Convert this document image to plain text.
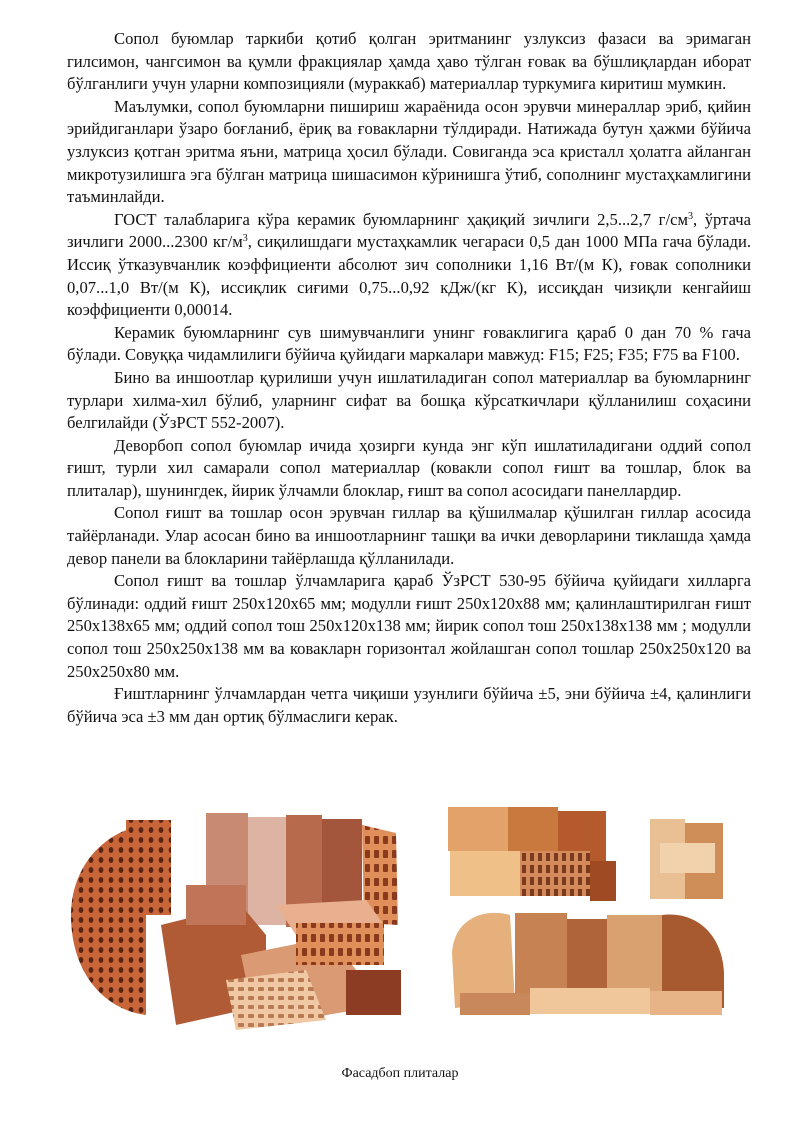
Сопол буюмлар таркиби қотиб қолган эритманинг узлуксиз фазаси ва эримаган гилсимон, чангсимон ва қумли фракциялар ҳамда ҳаво тўлган ғовак ва бўшлиқлардан иборат бўлганлиги учун уларни композицияли (мураккаб) материаллар туркумига киритиш мумкин.

Маълумки, сопол буюмларни пишириш жараёнида осон эрувчи минераллар эриб, қийин эрийдиганлари ўзаро боғланиб, ёриқ ва ғовакларни тўлдиради. Натижада бутун ҳажми бўйича узлуксиз қотган эритма яъни, матрица ҳосил бўлади. Совиганда эса кристалл ҳолатга айланган микротузилишга эга бўлган матрица шишасимон кўринишга ўтиб, сополнинг мустаҳкамлигини таъминлайди.

ГОСТ талабларига кўра керамик буюмларнинг ҳақиқий зичлиги 2,5...2,7 $г/см^3$, ўртача зичлиги 2000...2300 $кг/м^3$, сиқилишдаги мустаҳкамлик чегараси 0,5 дан 1000 МПа гача бўлади. Иссиқ ўтказувчанлик коэффициенти абсолют зич сополники 1,16 Вт/(м К), ғовак сополники 0,07...1,0 Вт/(м К), иссиқлик сиғими 0,75...0,92 кДж/(кг К), иссиқдан чизиқли кенгайиш коэффициенти 0,00014.

Керамик буюмларнинг сув шимувчанлиги унинг ғоваклигига қараб 0 дан 70 % гача бўлади. Совуққа чидамлилиги бўйича қуйидаги маркалари мавжуд: F15; F25; F35; F75 ва F100.

Бино ва иншоотлар қурилиши учун ишлатиладиган сопол материаллар ва буюмларнинг турлари хилма-хил бўлиб, уларнинг сифат ва бошқа кўрсаткичлари қўлланилиш соҳасини белгилайди (ЎзРСТ 552-2007).

Деворбоп сопол буюмлар ичида ҳозирги кунда энг кўп ишлатиладигани оддий сопол ғишт, турли хил самарали сопол материаллар (ковакли сопол ғишт ва тошлар, блок ва плиталар), шунингдек, йирик ўлчамли блоклар, ғишт ва сопол асосидаги панеллардир.

Сопол ғишт ва тошлар осон эрувчан гиллар ва қўшилмалар қўшилган гиллар асосида тайёрланади. Улар асосан бино ва иншоотларнинг ташқи ва ички деворларини тиклашда ҳамда девор панели ва блокларини тайёрлашда қўлланилади.

Сопол ғишт ва тошлар ўлчамларига қараб ЎзРСТ 530-95 бўйича қуйидаги хилларга бўлинади: оддий ғишт 250х120х65 мм; модулли ғишт 250х120х88 мм; қалинлаштирилган ғишт 250х138х65 мм; оддий сопол тош 250х120х138 мм; йирик сопол тош 250х138х138 мм ; модулли сопол тош 250х250х138 мм ва ковакларн горизонтал жойлашган сопол тошлар 250х250х120 ва 250х250х80 мм.

Ғиштларнинг ўлчамлардан четга чиқиши узунлиги бўйича ±5, эни бўйича ±4, қалинлиги бўйича эса ±3 мм дан ортиқ бўлмаслиги керак.

Фасадбоп плиталар
